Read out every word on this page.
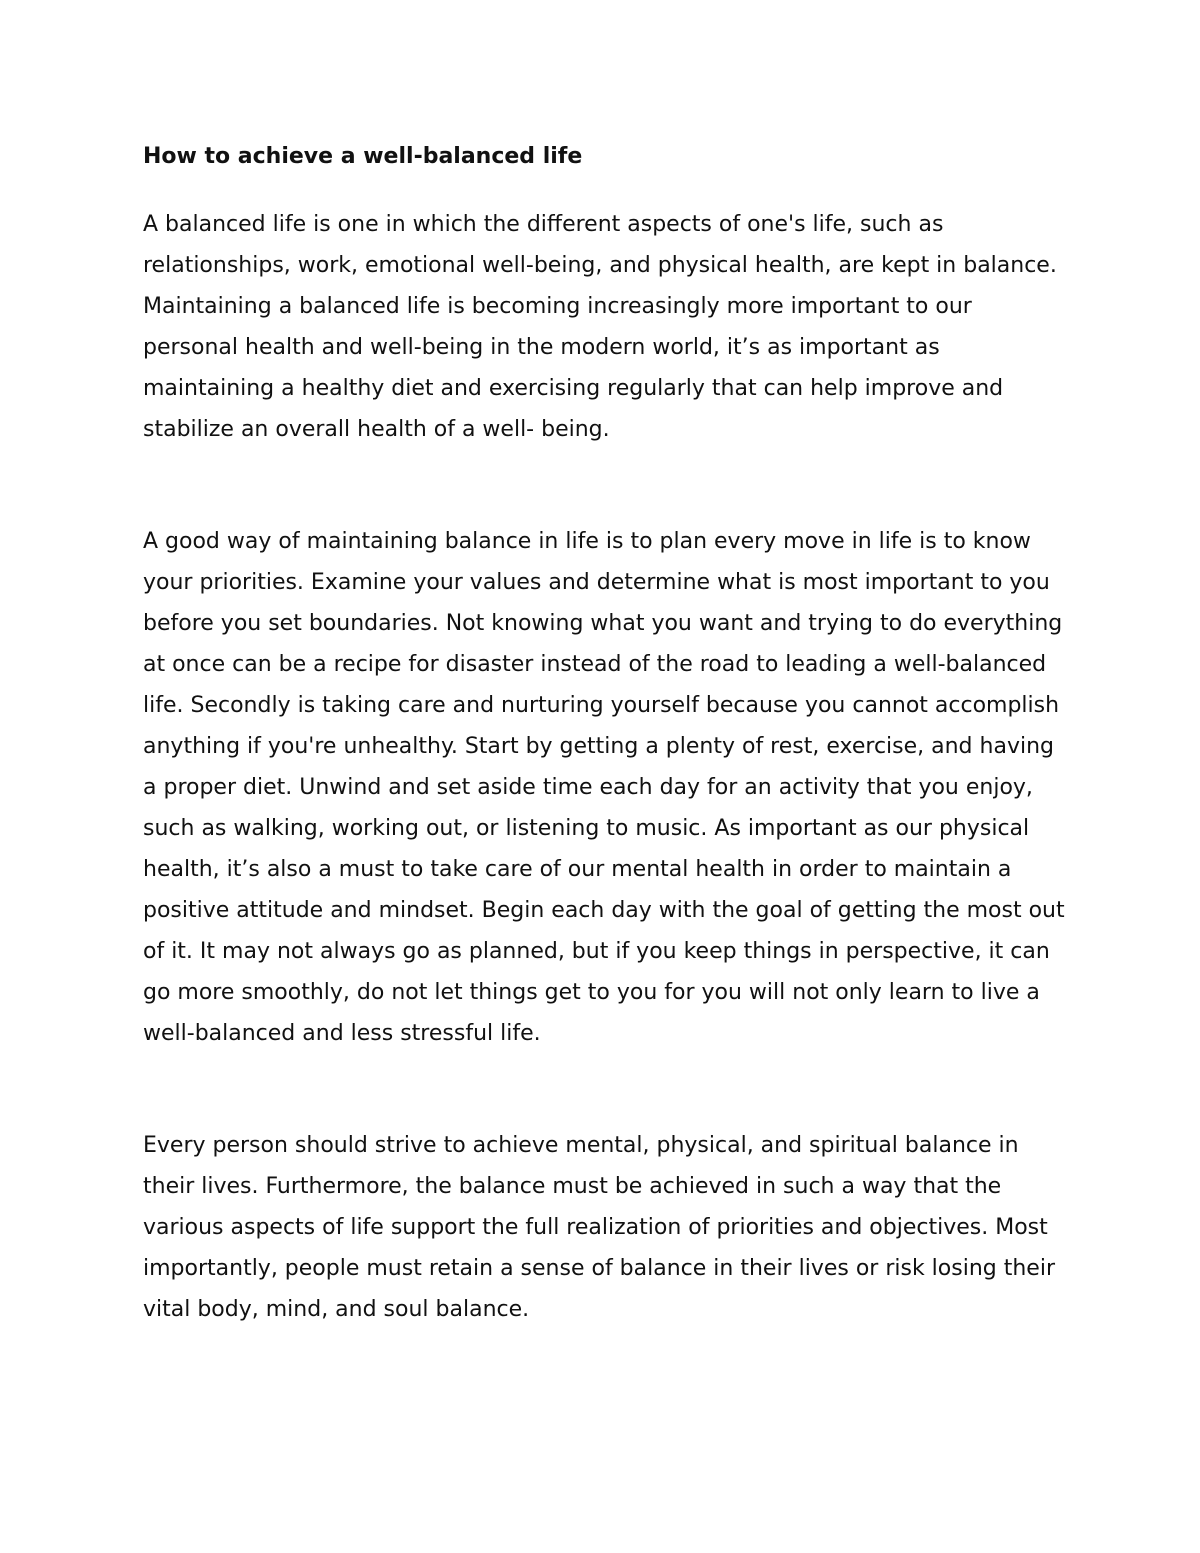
How to achieve a well-balanced life

A balanced life is one in which the different aspects of one's life, such as relationships, work, emotional well-being, and physical health, are kept in balance. Maintaining a balanced life is becoming increasingly more important to our personal health and well-being in the modern world, it’s as important as maintaining a healthy diet and exercising regularly that can help improve and stabilize an overall health of a well- being.

A good way of maintaining balance in life is to plan every move in life is to know your priorities. Examine your values and determine what is most important to you before you set boundaries. Not knowing what you want and trying to do everything at once can be a recipe for disaster instead of the road to leading a well-balanced life. Secondly is taking care and nurturing yourself because you cannot accomplish anything if you're unhealthy. Start by getting a plenty of rest, exercise, and having a proper diet. Unwind and set aside time each day for an activity that you enjoy, such as walking, working out, or listening to music. As important as our physical health, it’s also a must to take care of our mental health in order to maintain a positive attitude and mindset. Begin each day with the goal of getting the most out of it. It may not always go as planned, but if you keep things in perspective, it can go more smoothly, do not let things get to you for you will not only learn to live a well-balanced and less stressful life.

Every person should strive to achieve mental, physical, and spiritual balance in their lives. Furthermore, the balance must be achieved in such a way that the various aspects of life support the full realization of priorities and objectives. Most importantly, people must retain a sense of balance in their lives or risk losing their vital body, mind, and soul balance.
